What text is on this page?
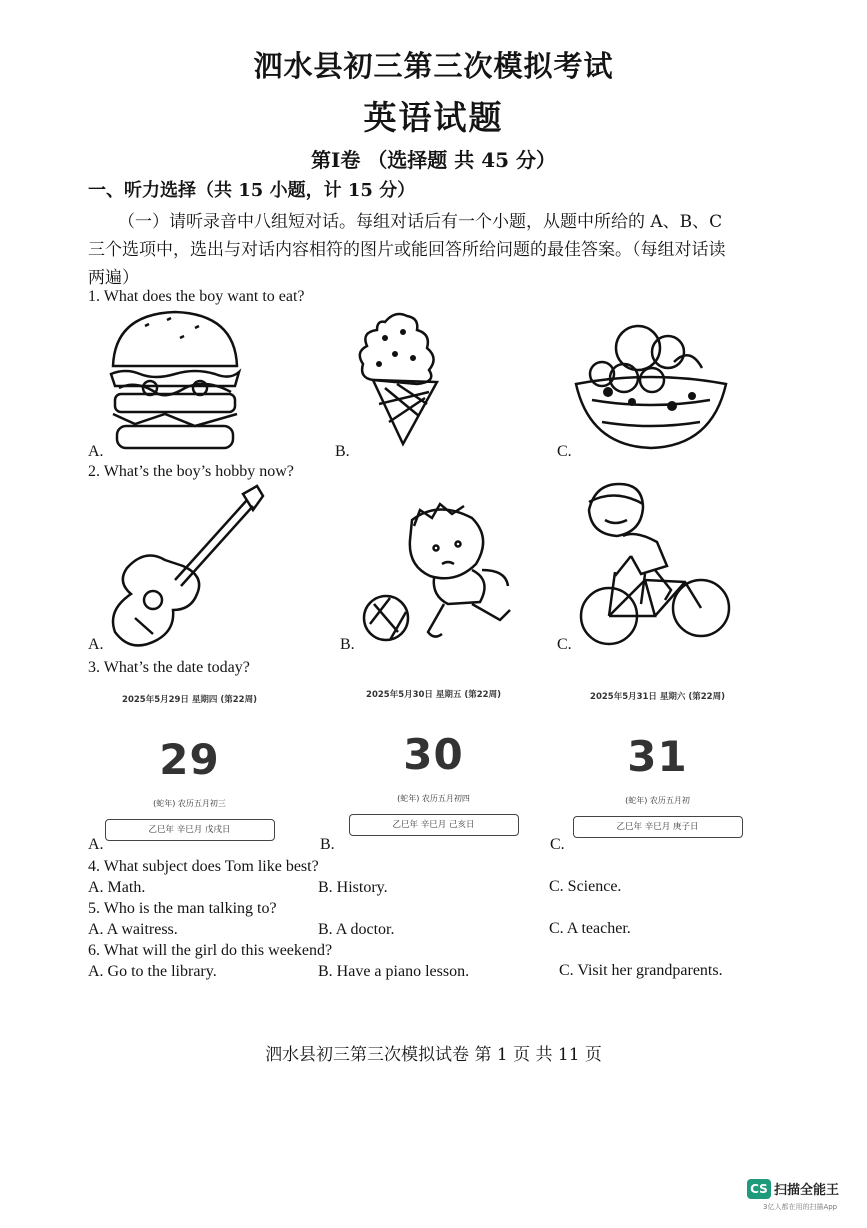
泗水县初三第三次模拟考试
英语试题
第I卷 （选择题 共 45 分）
一、听力选择（共 15 小题，计 15 分）
（一）请听录音中八组短对话。每组对话后有一个小题，从题中所给的 A、B、C 三个选项中，选出与对话内容相符的图片或能回答所给问题的最佳答案。（每组对话读两遍）
1. What does the boy want to eat?
A.	B.	C.
2. What’s the boy’s hobby now?
A.	B.	C.
3. What’s the date today?
2025年5月29日 星期四 (第22周)
29
(蛇年) 农历五月初三
乙巳年 辛巳月 戊戌日
A.
2025年5月30日 星期五 (第22周)
30
(蛇年) 农历五月初四
乙巳年 辛巳月 己亥日
B.
2025年5月31日 星期六 (第22周)
31
(蛇年) 农历五月初
乙巳年 辛巳月 庚子日
C.
4. What subject does Tom like best?
A. Math.	B. History.	C. Science.
5. Who is the man talking to?
A. A waitress.	B. A doctor.	C. A teacher.
6. What will the girl do this weekend?
A. Go to the library.	B. Have a piano lesson.	C. Visit her grandparents.
泗水县初三第三次模拟试卷 第 1 页 共 11 页
CS 扫描全能王
3亿人都在用的扫描App
